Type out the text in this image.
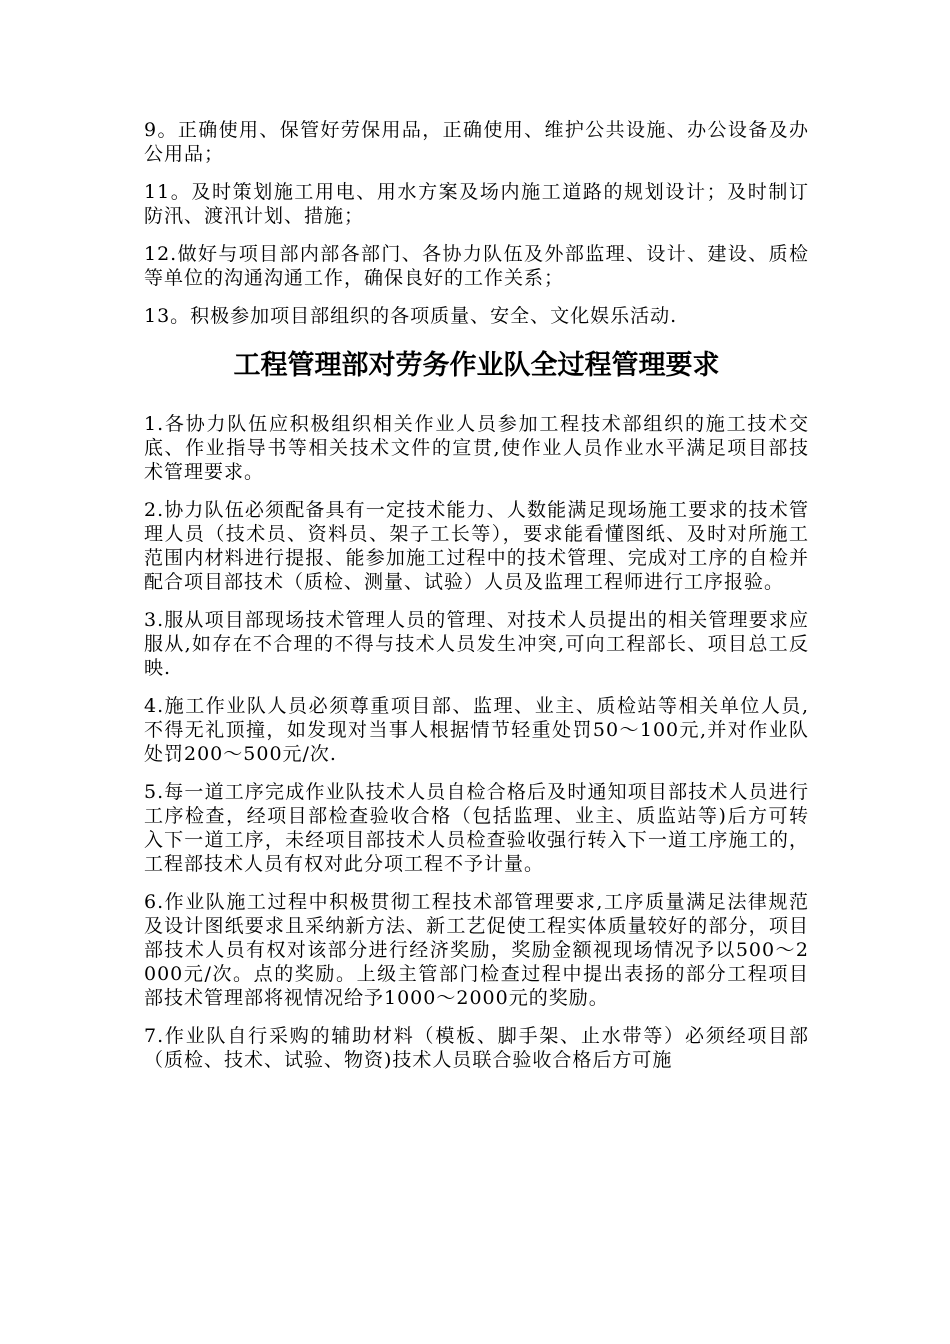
9。正确使用、保管好劳保用品，正确使用、维护公共设施、办公设备及办公用品；

11。及时策划施工用电、用水方案及场内施工道路的规划设计；及时制订防汛、渡汛计划、措施；

12.做好与项目部内部各部门、各协力队伍及外部监理、设计、建设、质检等单位的沟通沟通工作，确保良好的工作关系；

13。积极参加项目部组织的各项质量、安全、文化娱乐活动.

工程管理部对劳务作业队全过程管理要求

1.各协力队伍应积极组织相关作业人员参加工程技术部组织的施工技术交底、作业指导书等相关技术文件的宣贯,使作业人员作业水平满足项目部技术管理要求。

2.协力队伍必须配备具有一定技术能力、人数能满足现场施工要求的技术管理人员（技术员、资料员、架子工长等），要求能看懂图纸、及时对所施工范围内材料进行提报、能参加施工过程中的技术管理、完成对工序的自检并配合项目部技术（质检、测量、试验）人员及监理工程师进行工序报验。

3.服从项目部现场技术管理人员的管理、对技术人员提出的相关管理要求应服从,如存在不合理的不得与技术人员发生冲突,可向工程部长、项目总工反映.

4.施工作业队人员必须尊重项目部、监理、业主、质检站等相关单位人员,不得无礼顶撞，如发现对当事人根据情节轻重处罚50～100元,并对作业队处罚200～500元/次.

5.每一道工序完成作业队技术人员自检合格后及时通知项目部技术人员进行工序检查，经项目部检查验收合格（包括监理、业主、质监站等)后方可转入下一道工序，未经项目部技术人员检查验收强行转入下一道工序施工的，工程部技术人员有权对此分项工程不予计量。

6.作业队施工过程中积极贯彻工程技术部管理要求,工序质量满足法律规范及设计图纸要求且采纳新方法、新工艺促使工程实体质量较好的部分，项目部技术人员有权对该部分进行经济奖励，奖励金额视现场情况予以500～2000元/次。点的奖励。上级主管部门检查过程中提出表扬的部分工程项目部技术管理部将视情况给予1000～2000元的奖励。

7.作业队自行采购的辅助材料（模板、脚手架、止水带等）必须经项目部（质检、技术、试验、物资)技术人员联合验收合格后方可施
